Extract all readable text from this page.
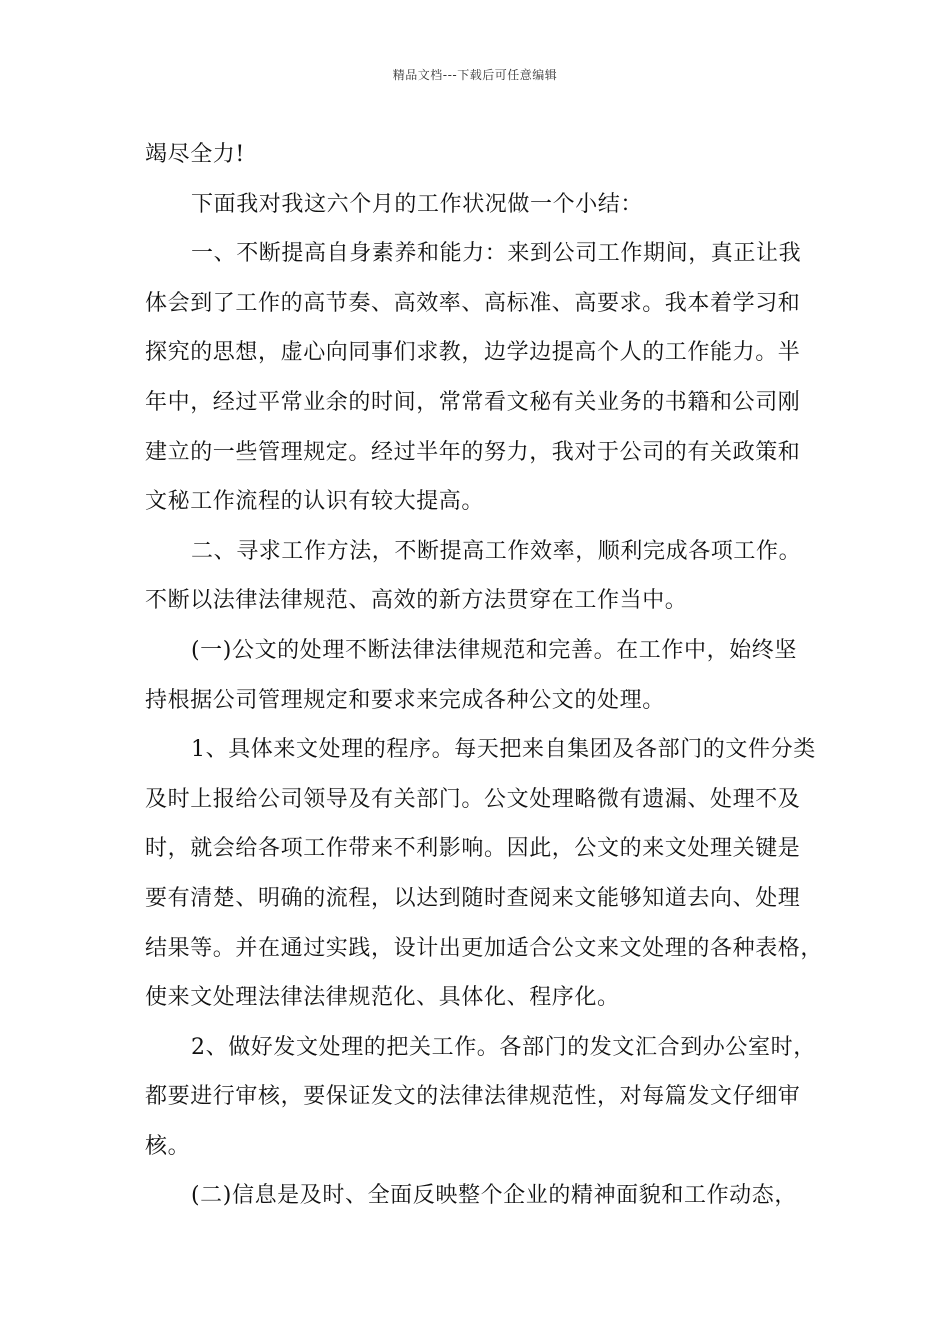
精品文档---下载后可任意编辑

竭尽全力!

下面我对我这六个月的工作状况做一个小结：

一、不断提高自身素养和能力：来到公司工作期间，真正让我
体会到了工作的高节奏、高效率、高标准、高要求。我本着学习和
探究的思想，虚心向同事们求教，边学边提高个人的工作能力。半
年中，经过平常业余的时间，常常看文秘有关业务的书籍和公司刚
建立的一些管理规定。经过半年的努力，我对于公司的有关政策和
文秘工作流程的认识有较大提高。

二、寻求工作方法，不断提高工作效率，顺利完成各项工作。
不断以法律法律规范、高效的新方法贯穿在工作当中。

(一)公文的处理不断法律法律规范和完善。在工作中，始终坚
持根据公司管理规定和要求来完成各种公文的处理。

1、具体来文处理的程序。每天把来自集团及各部门的文件分类
及时上报给公司领导及有关部门。公文处理略微有遗漏、处理不及
时，就会给各项工作带来不利影响。因此，公文的来文处理关键是
要有清楚、明确的流程，以达到随时查阅来文能够知道去向、处理
结果等。并在通过实践，设计出更加适合公文来文处理的各种表格，
使来文处理法律法律规范化、具体化、程序化。

2、做好发文处理的把关工作。各部门的发文汇合到办公室时，
都要进行审核，要保证发文的法律法律规范性，对每篇发文仔细审
核。

(二)信息是及时、全面反映整个企业的精神面貌和工作动态，
